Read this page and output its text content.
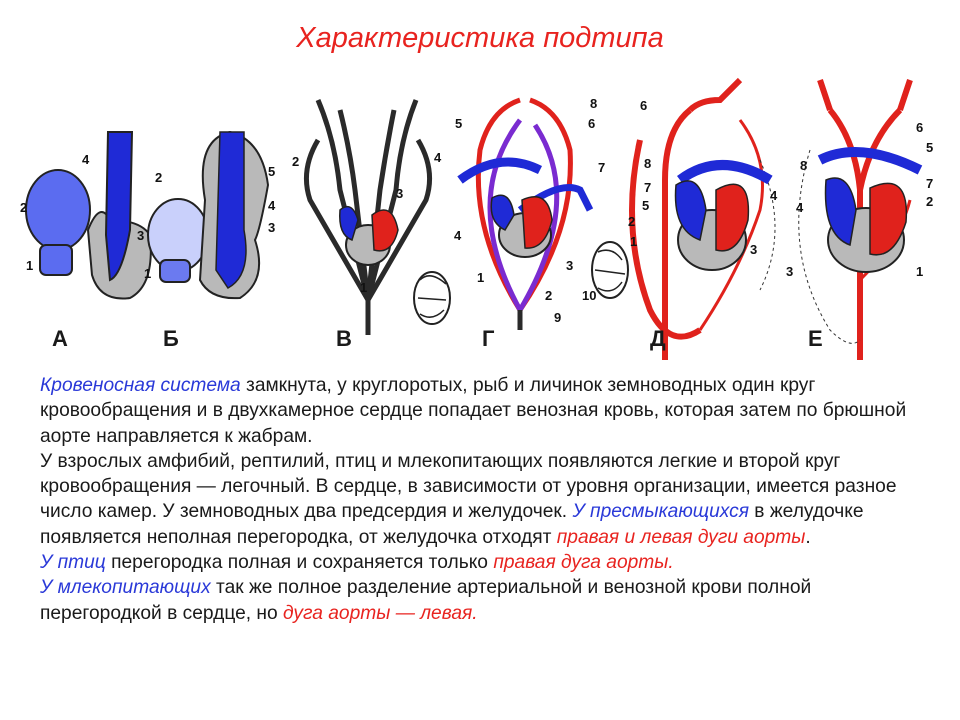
Характеристика подтипа
2
1
3
4
А
2
1
3
4
5
Б
2
3
4
1
В
8
6
5
7
4
1
3
2 10
9
Г
6
8
7
5
2
1
4
3
Д
6
5
8
7
2
4
3	1
Е

Кровеносная система замкнута, у круглоротых, рыб и личинок земноводных один круг кровообращения и в двухкамерное сердце попадает венозная кровь, которая затем по брюшной аорте направляется к жабрам.

У взрослых амфибий, рептилий, птиц и млекопитающих появляются легкие и второй круг кровообращения — легочный. В сердце, в зависимости от уровня организации, имеется разное число камер. У земноводных два предсердия и желудочек. У пресмыкающихся в желудочке появляется неполная перегородка, от желудочка отходят правая и левая дуги аорты.

У птиц перегородка полная и сохраняется только правая дуга аорты.

У млекопитающих так же полное разделение артериальной и венозной крови полной перегородкой в сердце, но дуга аорты — левая.
